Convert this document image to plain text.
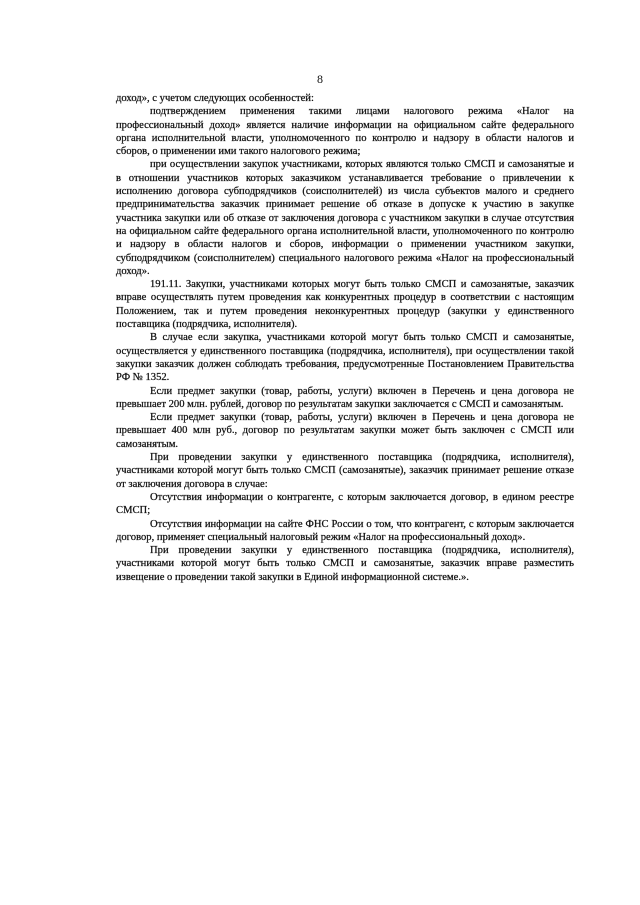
8

доход», с учетом следующих особенностей:

подтверждением применения такими лицами налогового режима «Налог на профессиональный доход» является наличие информации на официальном сайте федерального органа исполнительной власти, уполномоченного по контролю и надзору в области налогов и сборов, о применении ими такого налогового режима;

при осуществлении закупок участниками, которых являются только СМСП и самозанятые и в отношении участников которых заказчиком устанавливается требование о привлечении к исполнению договора субподрядчиков (соисполнителей) из числа субъектов малого и среднего предпринимательства заказчик принимает решение об отказе в допуске к участию в закупке участника закупки или об отказе от заключения договора с участником закупки в случае отсутствия на официальном сайте федерального органа исполнительной власти, уполномоченного по контролю и надзору в области налогов и сборов, информации о применении участником закупки, субподрядчиком (соисполнителем) специального налогового режима «Налог на профессиональный доход».

191.11. Закупки, участниками которых могут быть только СМСП и самозанятые, заказчик вправе осуществлять путем проведения как конкурентных процедур в соответствии с настоящим Положением, так и путем проведения неконкурентных процедур (закупки у единственного поставщика (подрядчика, исполнителя).

В случае если закупка, участниками которой могут быть только СМСП и самозанятые, осуществляется у единственного поставщика (подрядчика, исполнителя), при осуществлении такой закупки заказчик должен соблюдать требования, предусмотренные Постановлением Правительства РФ № 1352.

Если предмет закупки (товар, работы, услуги) включен в Перечень и цена договора не превышает 200 млн. рублей, договор по результатам закупки заключается с СМСП и самозанятым.

Если предмет закупки (товар, работы, услуги) включен в Перечень и цена договора не превышает 400 млн руб., договор по результатам закупки может быть заключен с СМСП или самозанятым.

При проведении закупки у единственного поставщика (подрядчика, исполнителя), участниками которой могут быть только СМСП (самозанятые), заказчик принимает решение отказе от заключения договора в случае:

Отсутствия информации о контрагенте, с которым заключается договор, в едином реестре СМСП;

Отсутствия информации на сайте ФНС России о том, что контрагент, с которым заключается договор, применяет специальный налоговый режим «Налог на профессиональный доход».

При проведении закупки у единственного поставщика (подрядчика, исполнителя), участниками которой могут быть только СМСП и самозанятые, заказчик вправе разместить извещение о проведении такой закупки в Единой информационной системе.».
